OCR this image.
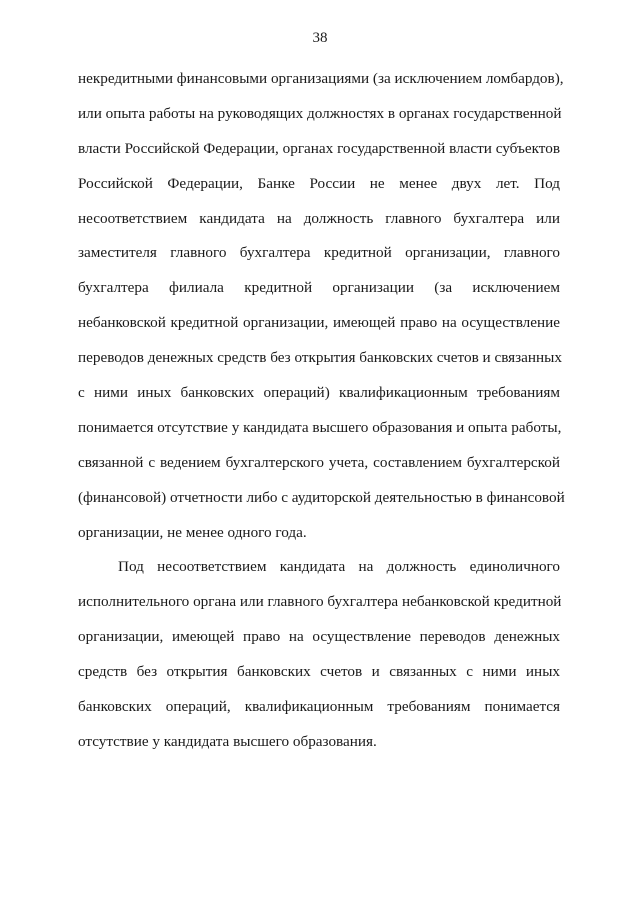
38
некредитными финансовыми организациями (за исключением ломбардов),
или опыта работы на руководящих должностях в органах государственной
власти Российской Федерации, органах государственной власти субъектов
Российской Федерации, Банке России не менее двух лет. Под
несоответствием кандидата на должность главного бухгалтера или
заместителя главного бухгалтера кредитной организации, главного
бухгалтера филиала кредитной организации (за исключением
небанковской кредитной организации, имеющей право на осуществление
переводов денежных средств без открытия банковских счетов и связанных
с ними иных банковских операций) квалификационным требованиям
понимается отсутствие у кандидата высшего образования и опыта работы,
связанной с ведением бухгалтерского учета, составлением бухгалтерской
(финансовой) отчетности либо с аудиторской деятельностью в финансовой
организации, не менее одного года.
Под несоответствием кандидата на должность единоличного
исполнительного органа или главного бухгалтера небанковской кредитной
организации, имеющей право на осуществление переводов денежных
средств без открытия банковских счетов и связанных с ними иных
банковских операций, квалификационным требованиям понимается
отсутствие у кандидата высшего образования.
